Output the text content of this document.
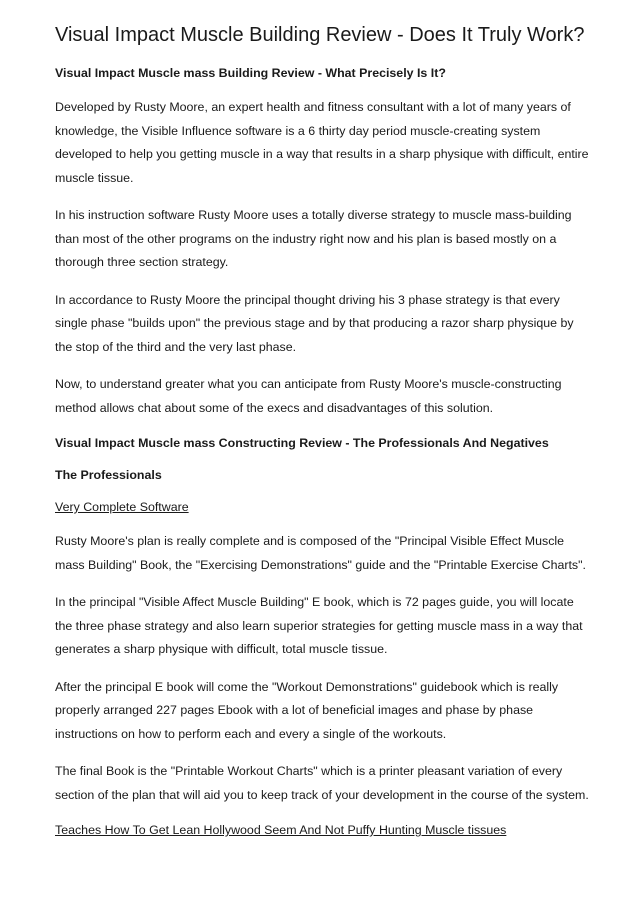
Visual Impact Muscle Building Review - Does It Truly Work?
Visual Impact Muscle mass Building Review - What Precisely Is It?

Developed by Rusty Moore, an expert health and fitness consultant with a lot of many years of knowledge, the Visible Influence software is a 6 thirty day period muscle-creating system developed to help you getting muscle in a way that results in a sharp physique with difficult, entire muscle tissue.

In his instruction software Rusty Moore uses a totally diverse strategy to muscle mass-building than most of the other programs on the industry right now and his plan is based mostly on a thorough three section strategy.

In accordance to Rusty Moore the principal thought driving his 3 phase strategy is that every single phase "builds upon" the previous stage and by that producing a razor sharp physique by the stop of the third and the very last phase.

Now, to understand greater what you can anticipate from Rusty Moore's muscle-constructing method allows chat about some of the execs and disadvantages of this solution.

Visual Impact Muscle mass Constructing Review - The Professionals And Negatives
The Professionals
Very Complete Software

Rusty Moore's plan is really complete and is composed of the "Principal Visible Effect Muscle mass Building" Book, the "Exercising Demonstrations" guide and the "Printable Exercise Charts".

In the principal "Visible Affect Muscle Building" E book, which is 72 pages guide, you will locate the three phase strategy and also learn superior strategies for getting muscle mass in a way that generates a sharp physique with difficult, total muscle tissue.

After the principal E book will come the "Workout Demonstrations" guidebook which is really properly arranged 227 pages Ebook with a lot of beneficial images and phase by phase instructions on how to perform each and every a single of the workouts.

The final Book is the "Printable Workout Charts" which is a printer pleasant variation of every section of the plan that will aid you to keep track of your development in the course of the system.

Teaches How To Get Lean Hollywood Seem And Not Puffy Hunting Muscle tissues
